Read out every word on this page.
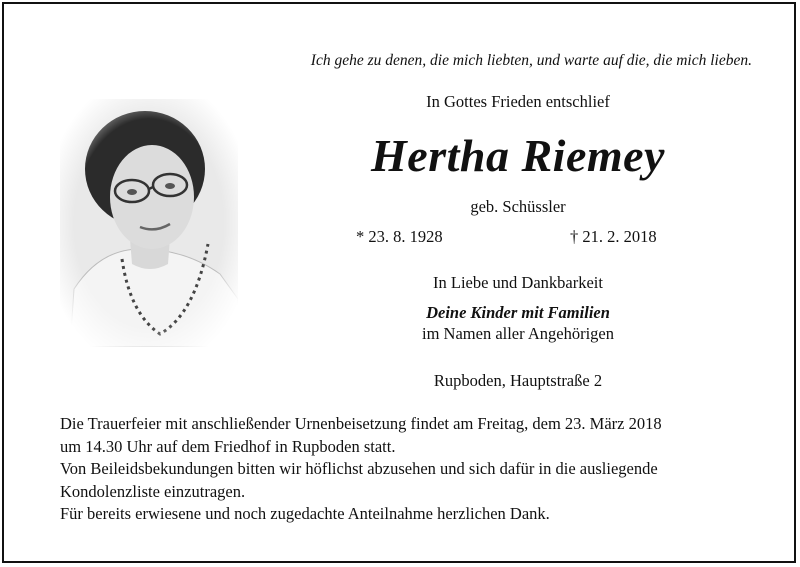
Ich gehe zu denen, die mich liebten, und warte auf die, die mich lieben.
In Gottes Frieden entschlief
Hertha Riemey
geb. Schüssler
* 23. 8. 1928	† 21. 2. 2018
In Liebe und Dankbarkeit
Deine Kinder mit Familien
im Namen aller Angehörigen
Rupboden, Hauptstraße 2
Die Trauerfeier mit anschließender Urnenbeisetzung findet am Freitag, dem 23. März 2018
um 14.30 Uhr auf dem Friedhof in Rupboden statt.
Von Beileidsbekundungen bitten wir höflichst abzusehen und sich dafür in die ausliegende
Kondolenzliste einzutragen.
Für bereits erwiesene und noch zugedachte Anteilnahme herzlichen Dank.
